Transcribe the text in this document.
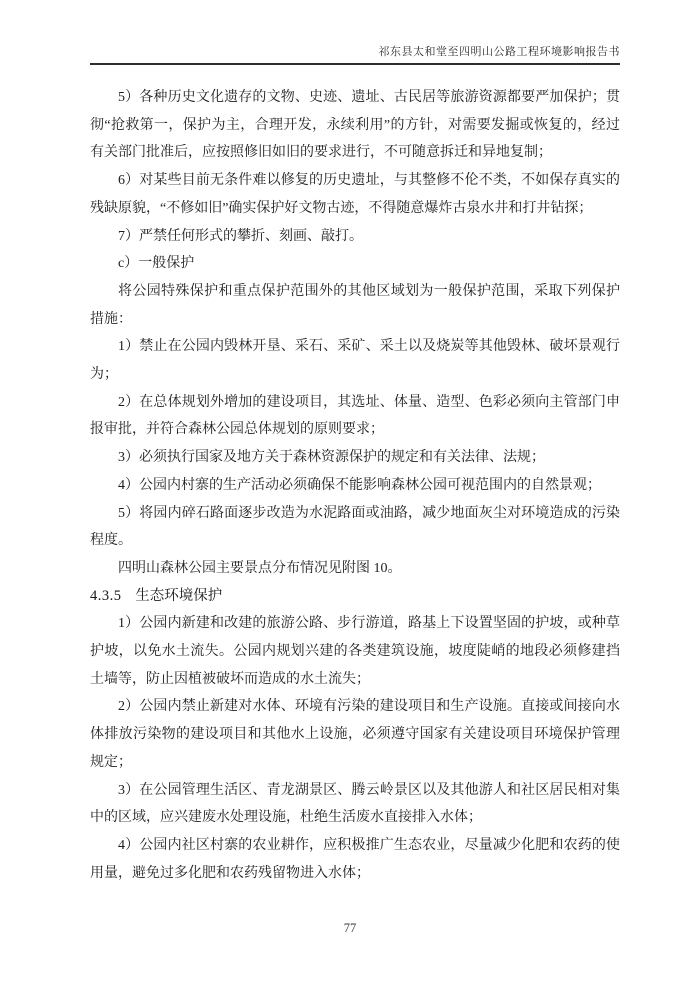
祁东县太和堂至四明山公路工程环境影响报告书

5）各种历史文化遗存的文物、史迹、遗址、古民居等旅游资源都要严加保护；贯彻“抢救第一，保护为主，合理开发，永续利用”的方针，对需要发掘或恢复的，经过有关部门批准后，应按照修旧如旧的要求进行，不可随意拆迁和异地复制；

6）对某些目前无条件难以修复的历史遗址，与其整修不伦不类，不如保存真实的残缺原貌，“不修如旧”确实保护好文物古迹，不得随意爆炸古泉水井和打井钻探；

7）严禁任何形式的攀折、刻画、敲打。

c）一般保护

将公园特殊保护和重点保护范围外的其他区域划为一般保护范围，采取下列保护措施：

1）禁止在公园内毁林开垦、采石、采矿、采土以及烧炭等其他毁林、破坏景观行为；

2）在总体规划外增加的建设项目，其选址、体量、造型、色彩必须向主管部门申报审批，并符合森林公园总体规划的原则要求；

3）必须执行国家及地方关于森林资源保护的规定和有关法律、法规；

4）公园内村寨的生产活动必须确保不能影响森林公园可视范围内的自然景观；

5）将园内碎石路面逐步改造为水泥路面或油路，减少地面灰尘对环境造成的污染程度。

四明山森林公园主要景点分布情况见附图 10。

4.3.5 生态环境保护

1）公园内新建和改建的旅游公路、步行游道，路基上下设置坚固的护坡，或种草护坡，以免水土流失。公园内规划兴建的各类建筑设施，坡度陡峭的地段必须修建挡土墙等，防止因植被破坏而造成的水土流失；

2）公园内禁止新建对水体、环境有污染的建设项目和生产设施。直接或间接向水体排放污染物的建设项目和其他水上设施，必须遵守国家有关建设项目环境保护管理规定；

3）在公园管理生活区、青龙湖景区、腾云岭景区以及其他游人和社区居民相对集中的区域，应兴建废水处理设施，杜绝生活废水直接排入水体；

4）公园内社区村寨的农业耕作，应积极推广生态农业，尽量减少化肥和农药的使用量，避免过多化肥和农药残留物进入水体；

77
